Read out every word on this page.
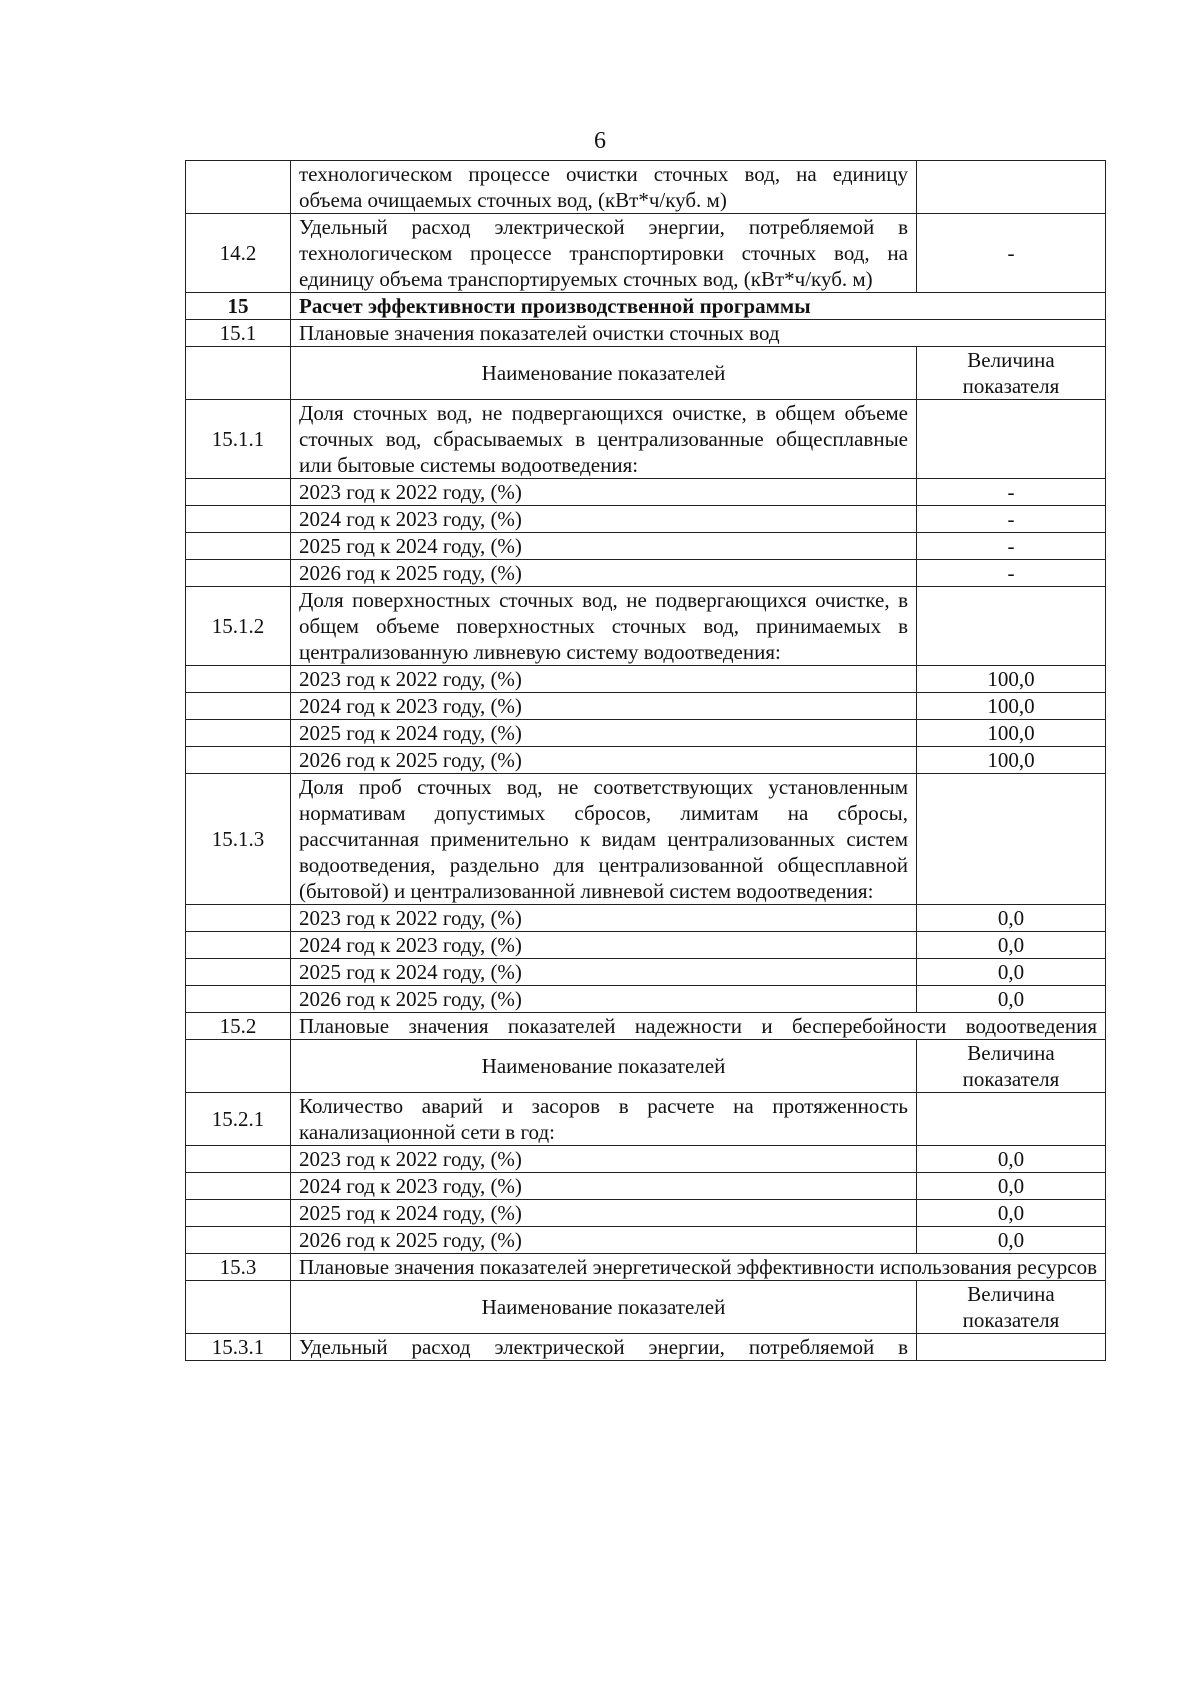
6
	технологическом процессе очистки сточных вод, на единицу объема очищаемых сточных вод, (кВт*ч/куб. м)	
14.2	Удельный расход электрической энергии, потребляемой в технологическом процессе транспортировки сточных вод, на единицу объема транспортируемых сточных вод, (кВт*ч/куб. м)	-
15	Расчет эффективности производственной программы	
15.1	Плановые значения показателей очистки сточных вод	
	Наименование показателей	Величина показателя
15.1.1	Доля сточных вод, не подвергающихся очистке, в общем объеме сточных вод, сбрасываемых в централизованные общесплавные или бытовые системы водоотведения:	
	2023 год к 2022 году, (%)	-
	2024 год к 2023 году, (%)	-
	2025 год к 2024 году, (%)	-
	2026 год к 2025 году, (%)	-
15.1.2	Доля поверхностных сточных вод, не подвергающихся очистке, в общем объеме поверхностных сточных вод, принимаемых в централизованную ливневую систему водоотведения:	
	2023 год к 2022 году, (%)	100,0
	2024 год к 2023 году, (%)	100,0
	2025 год к 2024 году, (%)	100,0
	2026 год к 2025 году, (%)	100,0
15.1.3	Доля проб сточных вод, не соответствующих установленным нормативам допустимых сбросов, лимитам на сбросы, рассчитанная применительно к видам централизованных систем водоотведения, раздельно для централизованной общесплавной (бытовой) и централизованной ливневой систем водоотведения:	
	2023 год к 2022 году, (%)	0,0
	2024 год к 2023 году, (%)	0,0
	2025 год к 2024 году, (%)	0,0
	2026 год к 2025 году, (%)	0,0
15.2	Плановые значения показателей надежности и бесперебойности водоотведения	
	Наименование показателей	Величина показателя
15.2.1	Количество аварий и засоров в расчете на протяженность канализационной сети в год:	
	2023 год к 2022 году, (%)	0,0
	2024 год к 2023 году, (%)	0,0
	2025 год к 2024 году, (%)	0,0
	2026 год к 2025 году, (%)	0,0
15.3	Плановые значения показателей энергетической эффективности использования ресурсов	
	Наименование показателей	Величина показателя
15.3.1	Удельный расход электрической энергии, потребляемой в	
